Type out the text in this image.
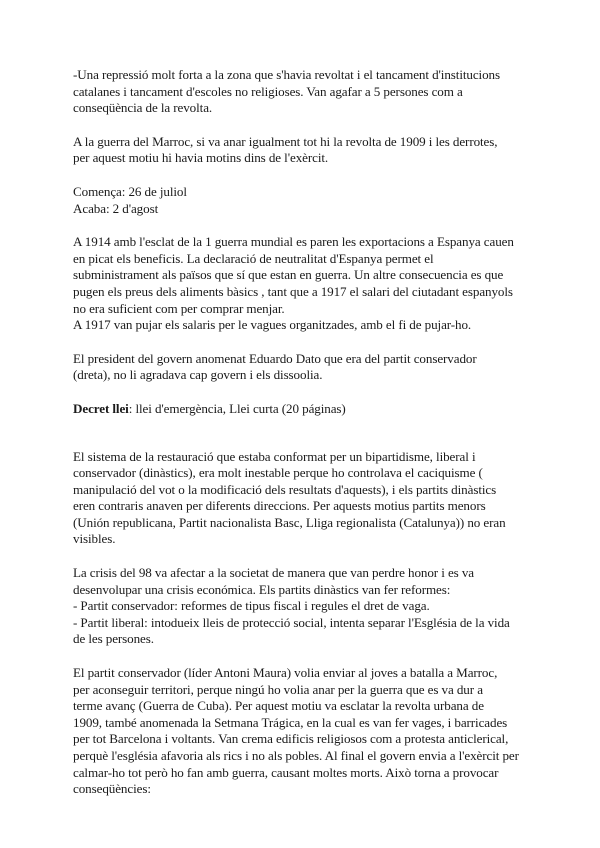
-Una repressió molt forta a la zona que s'havia revoltat i el tancament d'institucions
catalanes i tancament d'escoles no religioses. Van agafar a 5 persones com a
conseqüència de la revolta.

A la guerra del Marroc, si va anar igualment tot hi la revolta de 1909 i les derrotes,
per aquest motiu hi havia motins dins de l'exèrcit.

Comença: 26 de juliol
Acaba: 2 d'agost

A 1914 amb l'esclat de la 1 guerra mundial es paren les exportacions a Espanya cauen
en picat els beneficis. La declaració de neutralitat d'Espanya permet el
subministrament als països que sí que estan en guerra. Un altre consecuencia es que
pugen els preus dels aliments bàsics , tant que a 1917 el salari del ciutadant espanyols
no era suficient com per comprar menjar.
A 1917 van pujar els salaris per le vagues organitzades, amb el fi de pujar-ho.

El president del govern anomenat Eduardo Dato que era del partit conservador
(dreta), no li agradava cap govern i els dissoolia.

Decret llei: llei d'emergència, Llei curta (20 páginas)

El sistema de la restauració que estaba conformat per un bipartidisme, liberal i
conservador (dinàstics), era molt inestable perque ho controlava el caciquisme (
manipulació del vot o la modificació dels resultats d'aquests), i els partits dinàstics
eren contraris anaven per diferents direccions. Per aquests motius partits menors
(Unión republicana, Partit nacionalista Basc, Lliga regionalista (Catalunya)) no eran
visibles.

La crisis del 98 va afectar a la societat de manera que van perdre honor i es va
desenvolupar una crisis económica. Els partits dinàstics van fer reformes:
- Partit conservador: reformes de tipus fiscal i regules el dret de vaga.
- Partit liberal: intodueix lleis de protecció social, intenta separar l'Església de la vida
de les persones.

El partit conservador (líder Antoni Maura) volia enviar al joves a batalla a Marroc,
per aconseguir territori, perque ningú ho volia anar per la guerra que es va dur a
terme avanç (Guerra de Cuba). Per aquest motiu va esclatar la revolta urbana de
1909, també anomenada la Setmana Trágica, en la cual es van fer vages, i barricades
per tot Barcelona i voltants. Van crema edificis religiosos com a protesta anticlerical,
perquè l'església afavoria als rics i no als pobles. Al final el govern envia a l'exèrcit per
calmar-ho tot però ho fan amb guerra, causant moltes morts. Això torna a provocar
conseqüències:
